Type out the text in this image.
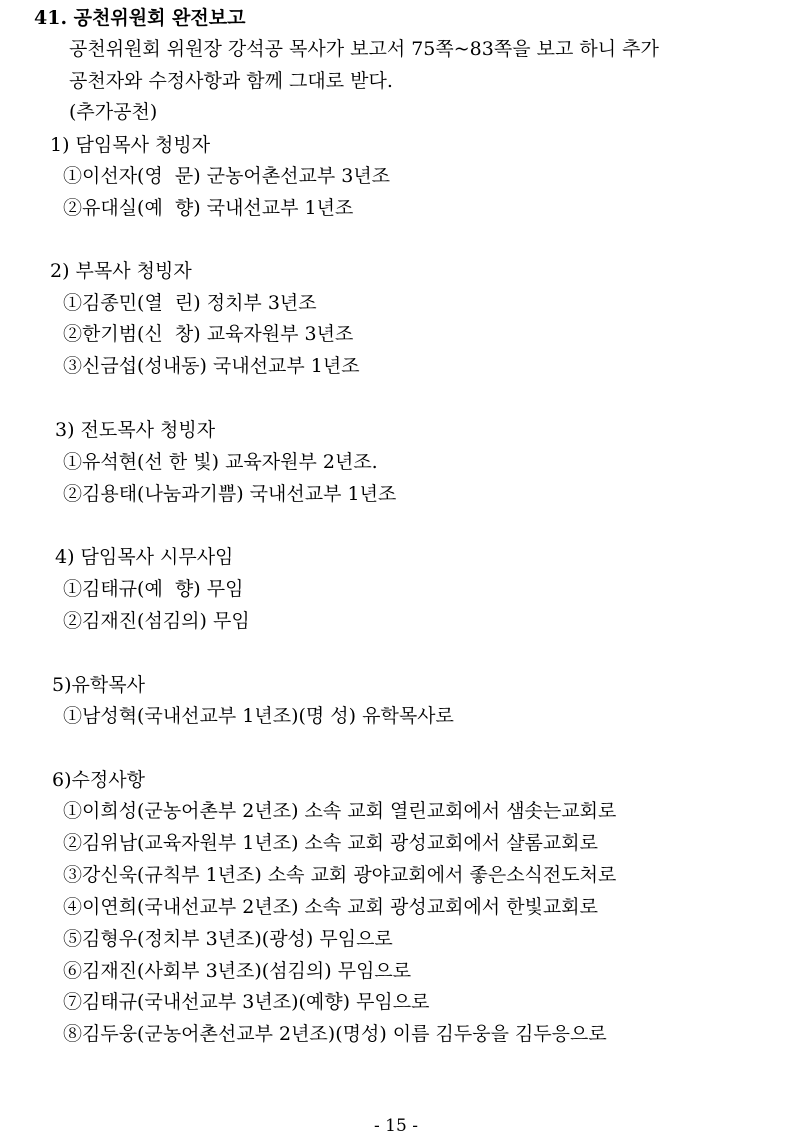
41. 공천위원회 완전보고
공천위원회 위원장 강석공 목사가 보고서 75쪽~83쪽을 보고 하니 추가
공천자와 수정사항과 함께 그대로 받다.
(추가공천)
1) 담임목사 청빙자
①이선자(영  문) 군농어촌선교부 3년조
②유대실(예  향) 국내선교부 1년조
2) 부목사 청빙자
①김종민(열  린) 정치부 3년조
②한기범(신  창) 교육자원부 3년조
③신금섭(성내동) 국내선교부 1년조
3) 전도목사 청빙자
①유석현(선 한 빛) 교육자원부 2년조.
②김용태(나눔과기쁨) 국내선교부 1년조
4) 담임목사 시무사임
①김태규(예  향) 무임
②김재진(섬김의) 무임
5)유학목사
①남성혁(국내선교부 1년조)(명 성) 유학목사로
6)수정사항
①이희성(군농어촌부 2년조) 소속 교회 열린교회에서 샘솟는교회로
②김위남(교육자원부 1년조) 소속 교회 광성교회에서 샬롬교회로
③강신욱(규칙부 1년조) 소속 교회 광야교회에서 좋은소식전도처로
④이연희(국내선교부 2년조) 소속 교회 광성교회에서 한빛교회로
⑤김형우(정치부 3년조)(광성) 무임으로
⑥김재진(사회부 3년조)(섬김의) 무임으로
⑦김태규(국내선교부 3년조)(예향) 무임으로
⑧김두웅(군농어촌선교부 2년조)(명성) 이름 김두웅을 김두응으로
- 15 -
